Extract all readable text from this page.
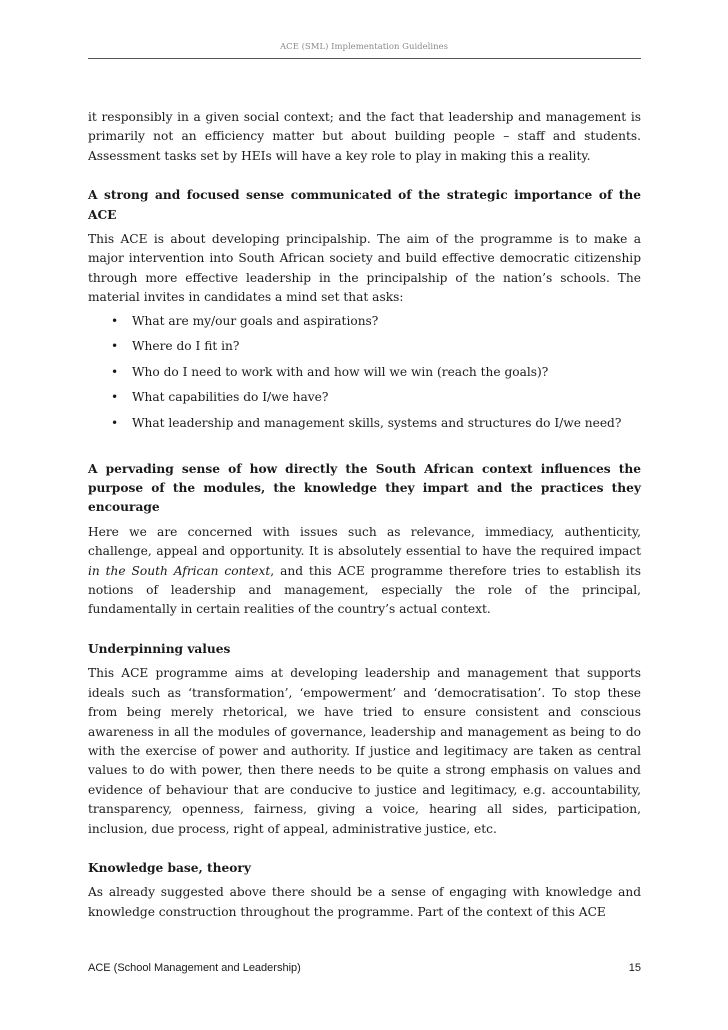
ACE (SML) Implementation Guidelines

it responsibly in a given social context; and the fact that leadership and management is primarily not an efficiency matter but about building people – staff and students. Assessment tasks set by HEIs will have a key role to play in making this a reality.

A strong and focused sense communicated of the strategic importance of the ACE

This ACE is about developing principalship. The aim of the programme is to make a major intervention into South African society and build effective democratic citizenship through more effective leadership in the principalship of the nation’s schools. The material invites in candidates a mind set that asks:

• What are my/our goals and aspirations?
• Where do I fit in?
• Who do I need to work with and how will we win (reach the goals)?
• What capabilities do I/we have?
• What leadership and management skills, systems and structures do I/we need?
A pervading sense of how directly the South African context influences the purpose of the modules, the knowledge they impart and the practices they encourage

Here we are concerned with issues such as relevance, immediacy, authenticity, challenge, appeal and opportunity. It is absolutely essential to have the required impact in the South African context, and this ACE programme therefore tries to establish its notions of leadership and management, especially the role of the principal, fundamentally in certain realities of the country’s actual context.

Underpinning values

This ACE programme aims at developing leadership and management that supports ideals such as ‘transformation’, ‘empowerment’ and ‘democratisation’. To stop these from being merely rhetorical, we have tried to ensure consistent and conscious awareness in all the modules of governance, leadership and management as being to do with the exercise of power and authority. If justice and legitimacy are taken as central values to do with power, then there needs to be quite a strong emphasis on values and evidence of behaviour that are conducive to justice and legitimacy, e.g. accountability, transparency, openness, fairness, giving a voice, hearing all sides, participation, inclusion, due process, right of appeal, administrative justice, etc.

Knowledge base, theory

As already suggested above there should be a sense of engaging with knowledge and knowledge construction throughout the programme. Part of the context of this ACE

ACE (School Management and Leadership)	15
